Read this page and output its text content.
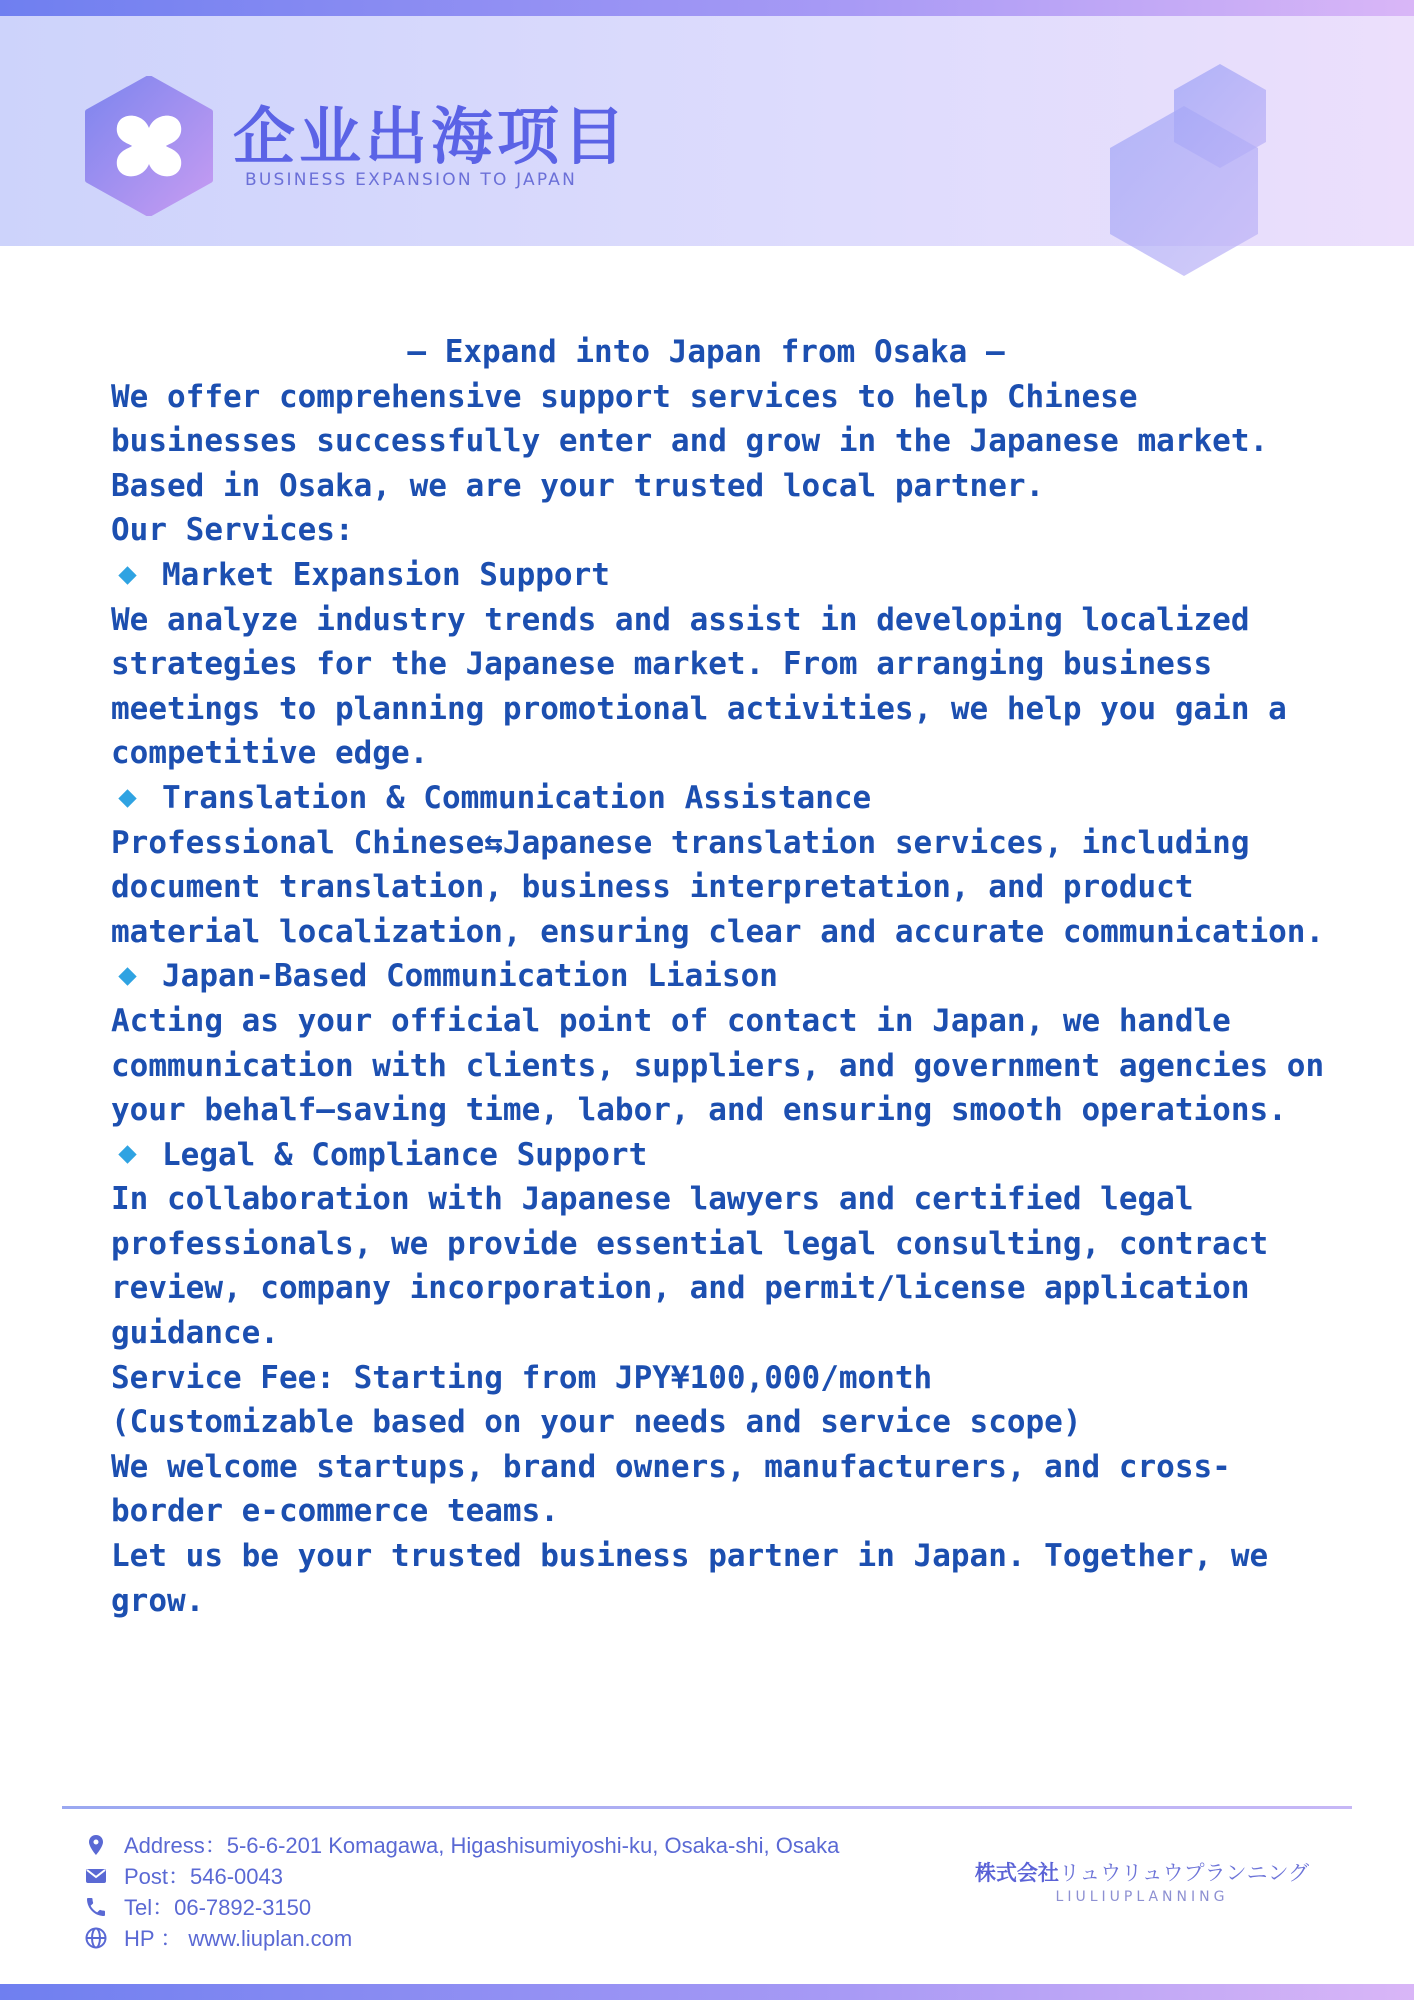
企业出海项目
BUSINESS EXPANSION TO JAPAN

— Expand into Japan from Osaka —

We offer comprehensive support services to help Chinese businesses successfully enter and grow in the Japanese market. Based in Osaka, we are your trusted local partner.

Our Services:

Market Expansion Support

We analyze industry trends and assist in developing localized strategies for the Japanese market. From arranging business meetings to planning promotional activities, we help you gain a competitive edge.

Translation & Communication Assistance

Professional Chinese⇆Japanese translation services, including document translation, business interpretation, and product material localization, ensuring clear and accurate communication.

Japan-Based Communication Liaison

Acting as your official point of contact in Japan, we handle communication with clients, suppliers, and government agencies on your behalf—saving time, labor, and ensuring smooth operations.

Legal & Compliance Support

In collaboration with Japanese lawyers and certified legal professionals, we provide essential legal consulting, contract review, company incorporation, and permit/license application guidance.

Service Fee: Starting from JPY¥100,000/month

(Customizable based on your needs and service scope)

We welcome startups, brand owners, manufacturers, and cross-border e-commerce teams.

Let us be your trusted business partner in Japan. Together, we grow.

Address：5-6-6-201 Komagawa, Higashisumiyoshi-ku, Osaka-shi, Osaka
Post：546-0043
Tel：06-7892-3150
HP ： www.liuplan.com
株式会社リュウリュウプランニング
LIULIUPLANNING
